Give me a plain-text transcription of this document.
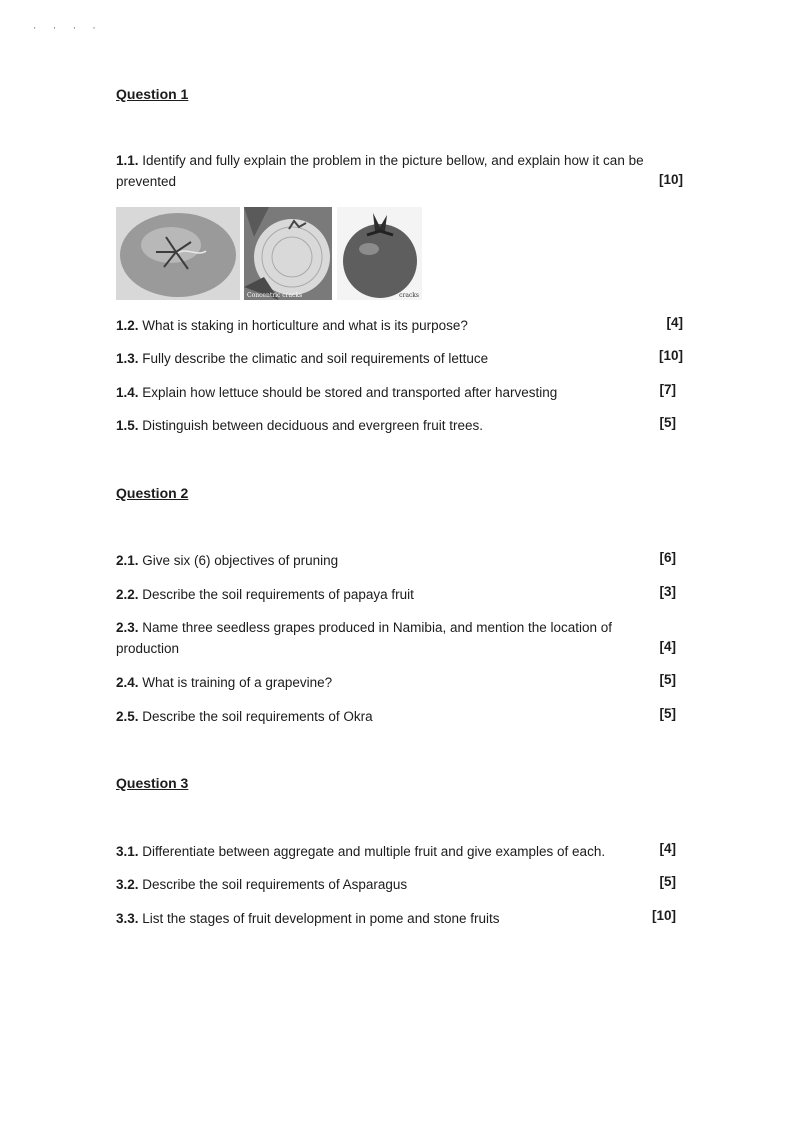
' ' ' '
Question 1
1.1. Identify and fully explain the problem in the picture bellow, and explain how it can be
prevented	[10]
Concentric cracks	cracks
1.2. What is staking in horticulture and what is its purpose?	[4]
1.3. Fully describe the climatic and soil requirements of lettuce	[10]
1.4. Explain how lettuce should be stored and transported after harvesting	[7]
1.5. Distinguish between deciduous and evergreen fruit trees.	[5]
Question 2
2.1. Give six (6) objectives of pruning	[6]
2.2. Describe the soil requirements of papaya fruit	[3]
2.3. Name three seedless grapes produced in Namibia, and mention the location of
production	[4]
2.4. What is training of a grapevine?	[5]
2.5. Describe the soil requirements of Okra	[5]
Question 3
3.1. Differentiate between aggregate and multiple fruit and give examples of each.	[4]
3.2. Describe the soil requirements of Asparagus	[5]
3.3. List the stages of fruit development in pome and stone fruits	[10]
